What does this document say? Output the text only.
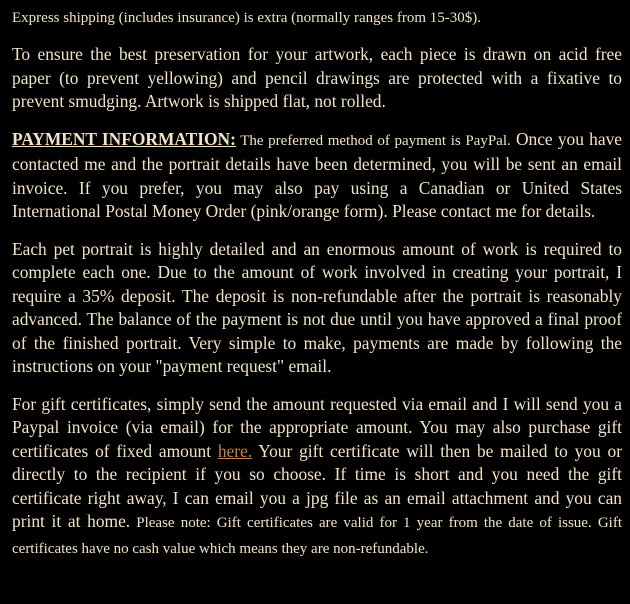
Express shipping (includes insurance) is extra (normally ranges from 15-30$).

To ensure the best preservation for your artwork, each piece is drawn on acid free paper (to prevent yellowing) and pencil drawings are protected with a fixative to prevent smudging. Artwork is shipped flat, not rolled.

PAYMENT INFORMATION: The preferred method of payment is PayPal. Once you have contacted me and the portrait details have been determined, you will be sent an email invoice. If you prefer, you may also pay using a Canadian or United States International Postal Money Order (pink/orange form). Please contact me for details.

Each pet portrait is highly detailed and an enormous amount of work is required to complete each one. Due to the amount of work involved in creating your portrait, I require a 35% deposit. The deposit is non-refundable after the portrait is reasonably advanced. The balance of the payment is not due until you have approved a final proof of the finished portrait. Very simple to make, payments are made by following the instructions on your "payment request" email.

For gift certificates, simply send the amount requested via email and I will send you a Paypal invoice (via email) for the appropriate amount. You may also purchase gift certificates of fixed amount here. Your gift certificate will then be mailed to you or directly to the recipient if you so choose. If time is short and you need the gift certificate right away, I can email you a jpg file as an email attachment and you can print it at home. Please note: Gift certificates are valid for 1 year from the date of issue. Gift certificates have no cash value which means they are non-refundable.
